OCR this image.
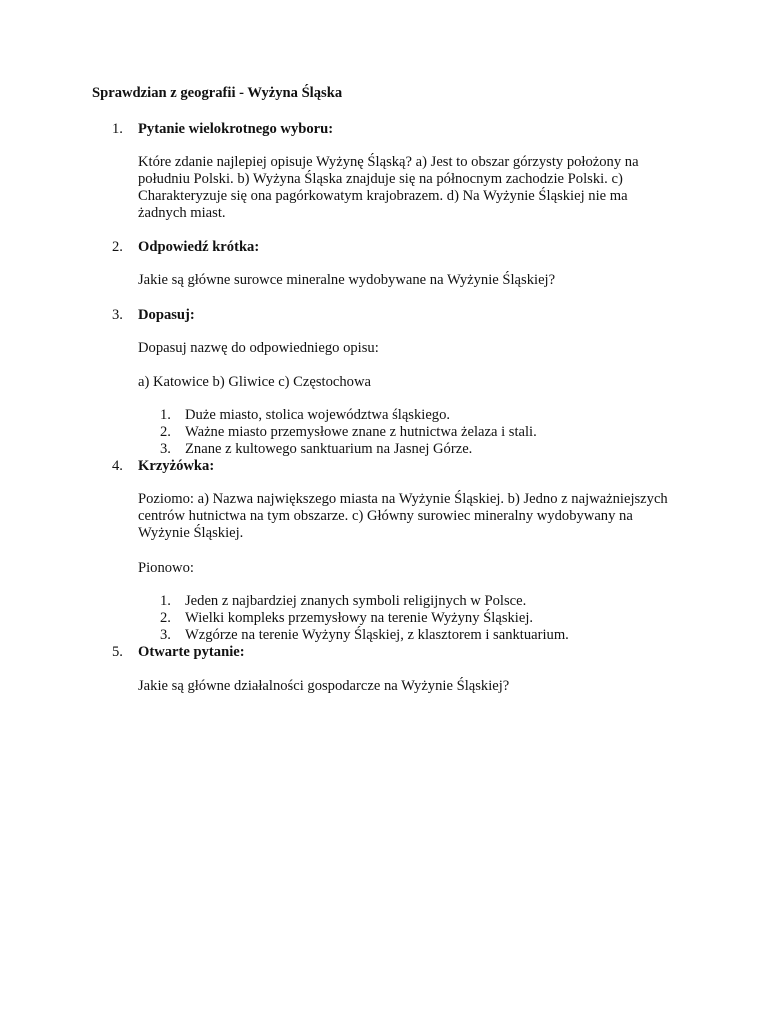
Sprawdzian z geografii - Wyżyna Śląska
1. Pytanie wielokrotnego wyboru:
Które zdanie najlepiej opisuje Wyżynę Śląską? a) Jest to obszar górzysty położony na południu Polski. b) Wyżyna Śląska znajduje się na północnym zachodzie Polski. c) Charakteryzuje się ona pagórkowatym krajobrazem. d) Na Wyżynie Śląskiej nie ma żadnych miast.
2. Odpowiedź krótka:
Jakie są główne surowce mineralne wydobywane na Wyżynie Śląskiej?
3. Dopasuj:
Dopasuj nazwę do odpowiedniego opisu:
a) Katowice b) Gliwice c) Częstochowa
1. Duże miasto, stolica województwa śląskiego.
2. Ważne miasto przemysłowe znane z hutnictwa żelaza i stali.
3. Znane z kultowego sanktuarium na Jasnej Górze.
4. Krzyżówka:
Poziomo: a) Nazwa największego miasta na Wyżynie Śląskiej. b) Jedno z najważniejszych centrów hutnictwa na tym obszarze. c) Główny surowiec mineralny wydobywany na Wyżynie Śląskiej.
Pionowo:
1. Jeden z najbardziej znanych symboli religijnych w Polsce.
2. Wielki kompleks przemysłowy na terenie Wyżyny Śląskiej.
3. Wzgórze na terenie Wyżyny Śląskiej, z klasztorem i sanktuarium.
5. Otwarte pytanie:
Jakie są główne działalności gospodarcze na Wyżynie Śląskiej?
